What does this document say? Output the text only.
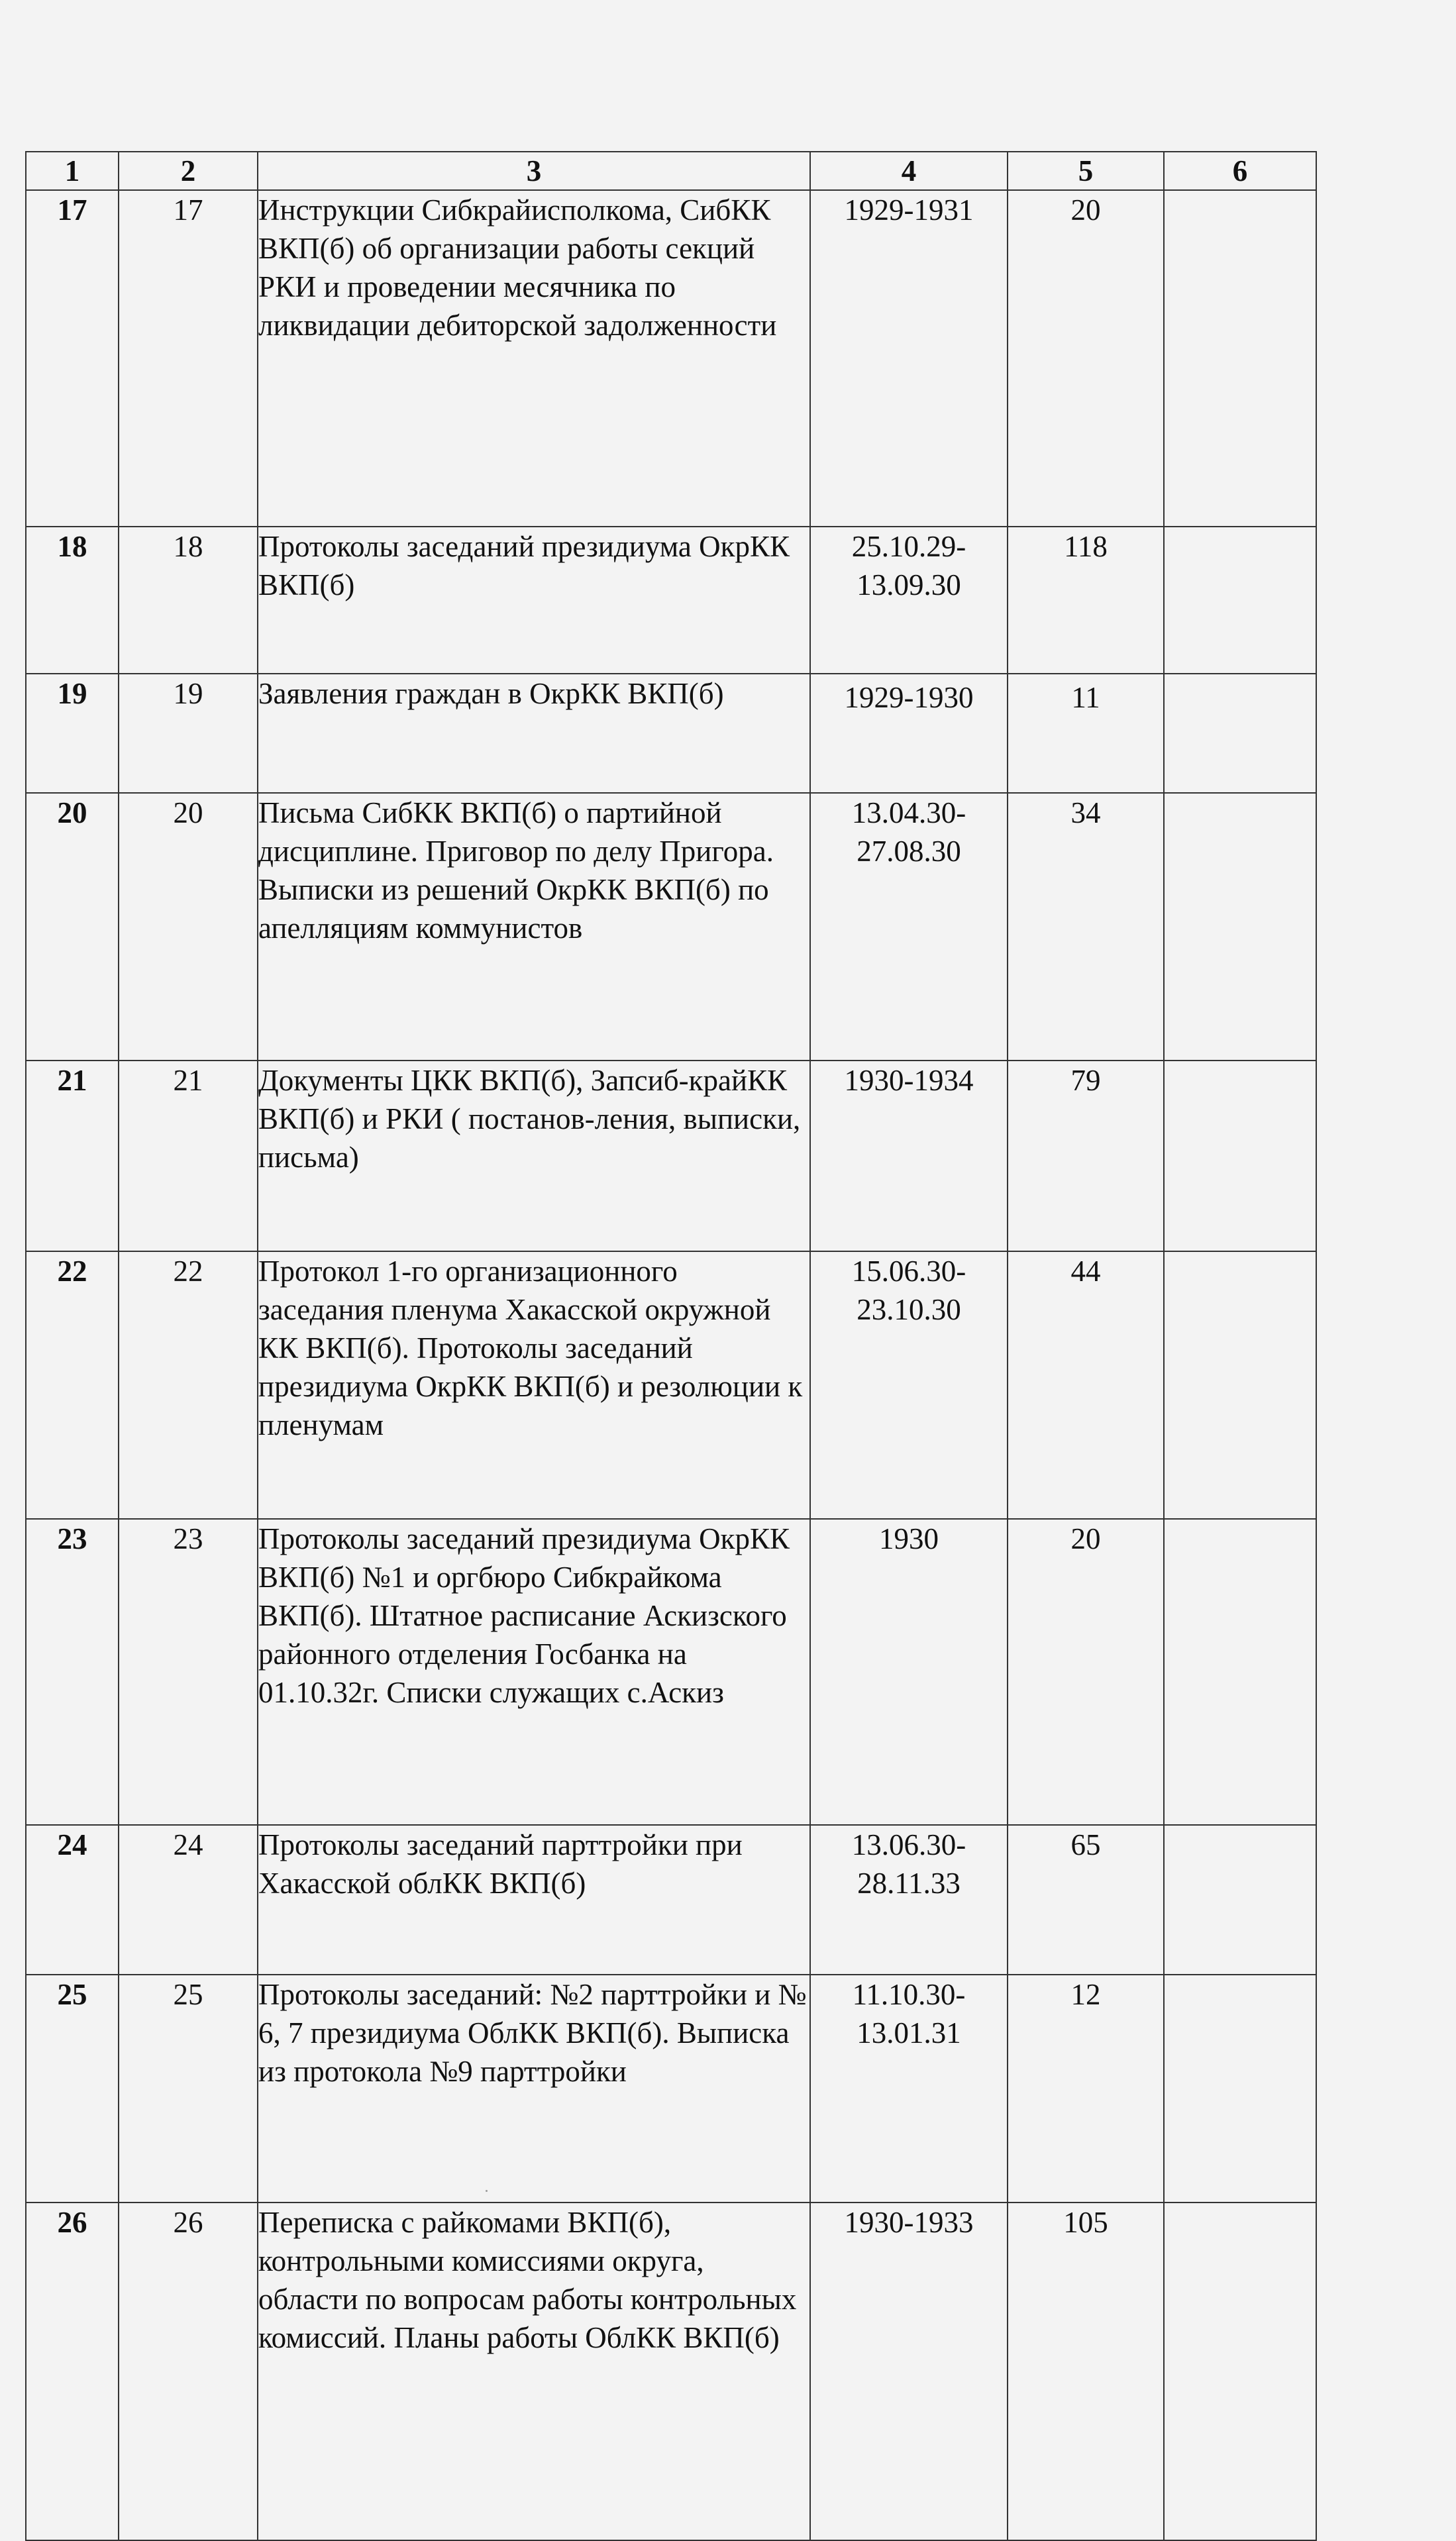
1	2	3	4	5	6
17	17	Инструкции Сибкрайисполкома, СибКК ВКП(б) об организации работы секций РКИ и проведении месячника по ликвидации дебиторской задолженности	1929-1931	20	

18	18	Протоколы заседаний президиума ОкрКК ВКП(б)	25.10.29- 13.09.30	118	

19	19	Заявления граждан в ОкрКК ВКП(б)	1929-1930	11	

20	20	Письма СибКК ВКП(б) о партийной дисциплине. Приговор по делу Пригора. Выписки из решений ОкрКК ВКП(б) по апелляциям коммунистов	13.04.30- 27.08.30	34	

21	21	Документы ЦКК ВКП(б), Запсиб-крайКК ВКП(б) и РКИ ( постанов-ления, выписки, письма)	1930-1934	79	

22	22	Протокол 1-го организационного заседания пленума Хакасской окружной КК ВКП(б). Протоколы заседаний президиума ОкрКК ВКП(б) и резолюции к пленумам	15.06.30- 23.10.30	44	

23	23	Протоколы заседаний президиума ОкрКК ВКП(б) №1 и оргбюро Сибкрайкома ВКП(б). Штатное расписание Аскизского районного отделения Госбанка на 01.10.32г. Списки служащих с.Аскиз	1930	20	

24	24	Протоколы заседаний парттройки при Хакасской облКК ВКП(б)	13.06.30- 28.11.33	65	

25	25	Протоколы заседаний: №2 парттройки и № 6, 7 президиума ОблКК ВКП(б). Выписка из протокола №9 парттройки	11.10.30- 13.01.31	12	

26	26	Переписка с райкомами ВКП(б), контрольными комиссиями округа, области по вопросам работы контрольных комиссий. Планы работы ОблКК ВКП(б)	1930-1933	105	
